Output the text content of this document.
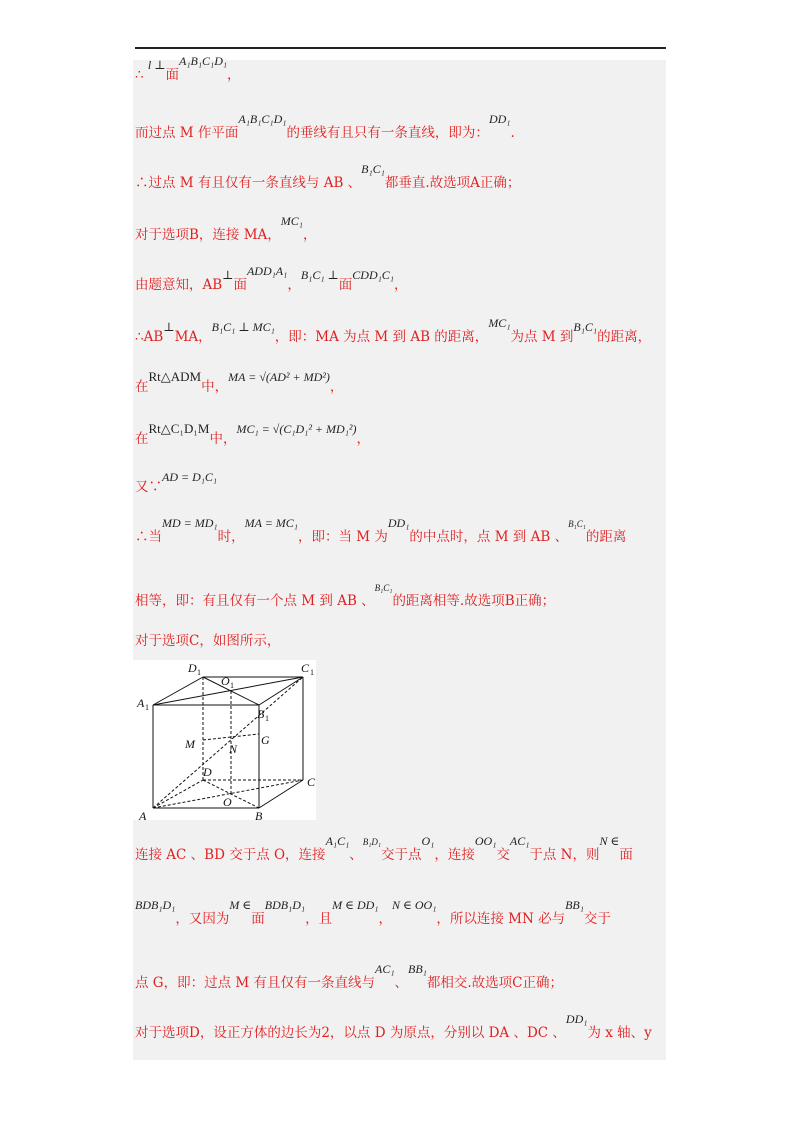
∴ l ⊥面A₁B₁C₁D₁，
而过点 M 作平面A₁B₁C₁D₁的垂线有且只有一条直线，即为：DD₁.
∴过点 M 有且仅有一条直线与 AB 、B₁C₁都垂直.故选项A正确；
对于选项B，连接 MA，MC₁，
由题意知，AB⊥面ADD₁A₁，B₁C₁ ⊥面CDD₁C₁，
∴AB⊥MA，B₁C₁ ⊥ MC₁，即：MA 为点 M 到 AB 的距离，MC₁为点 M 到B₁C₁的距离，
在Rt△ADM中，MA = √(AD² + MD²)，
在Rt△C₁D₁M中，MC₁ = √(C₁D₁² + MD₁²)，
又∵AD = D₁C₁
∴当MD = MD₁时，MA = MC₁，即：当 M 为DD₁的中点时，点 M 到 AB 、$^{B_1C_1}$的距离
相等，即：有且仅有一个点 M 到 AB 、$^{B_1C_1}$的距离相等.故选项B正确；
对于选项C，如图所示，
D 1
O 1
C 1
A 1	B 1
M	N
G
D
C
O
A	B
连接 AC 、BD 交于点 O，连接A₁C₁、$^{B_1D_1}$交于点O₁，连接OO₁交AC₁于点 N，则N ∈面
BDB₁D₁，又因为M ∈面BDB₁D₁，且M ∈ DD₁，N ∈ OO₁，所以连接 MN 必与BB₁交于
点 G，即：过点 M 有且仅有一条直线与AC₁、BB₁都相交.故选项C正确；
对于选项D，设正方体的边长为2，以点 D 为原点，分别以 DA 、DC 、DD₁为 x 轴、y
